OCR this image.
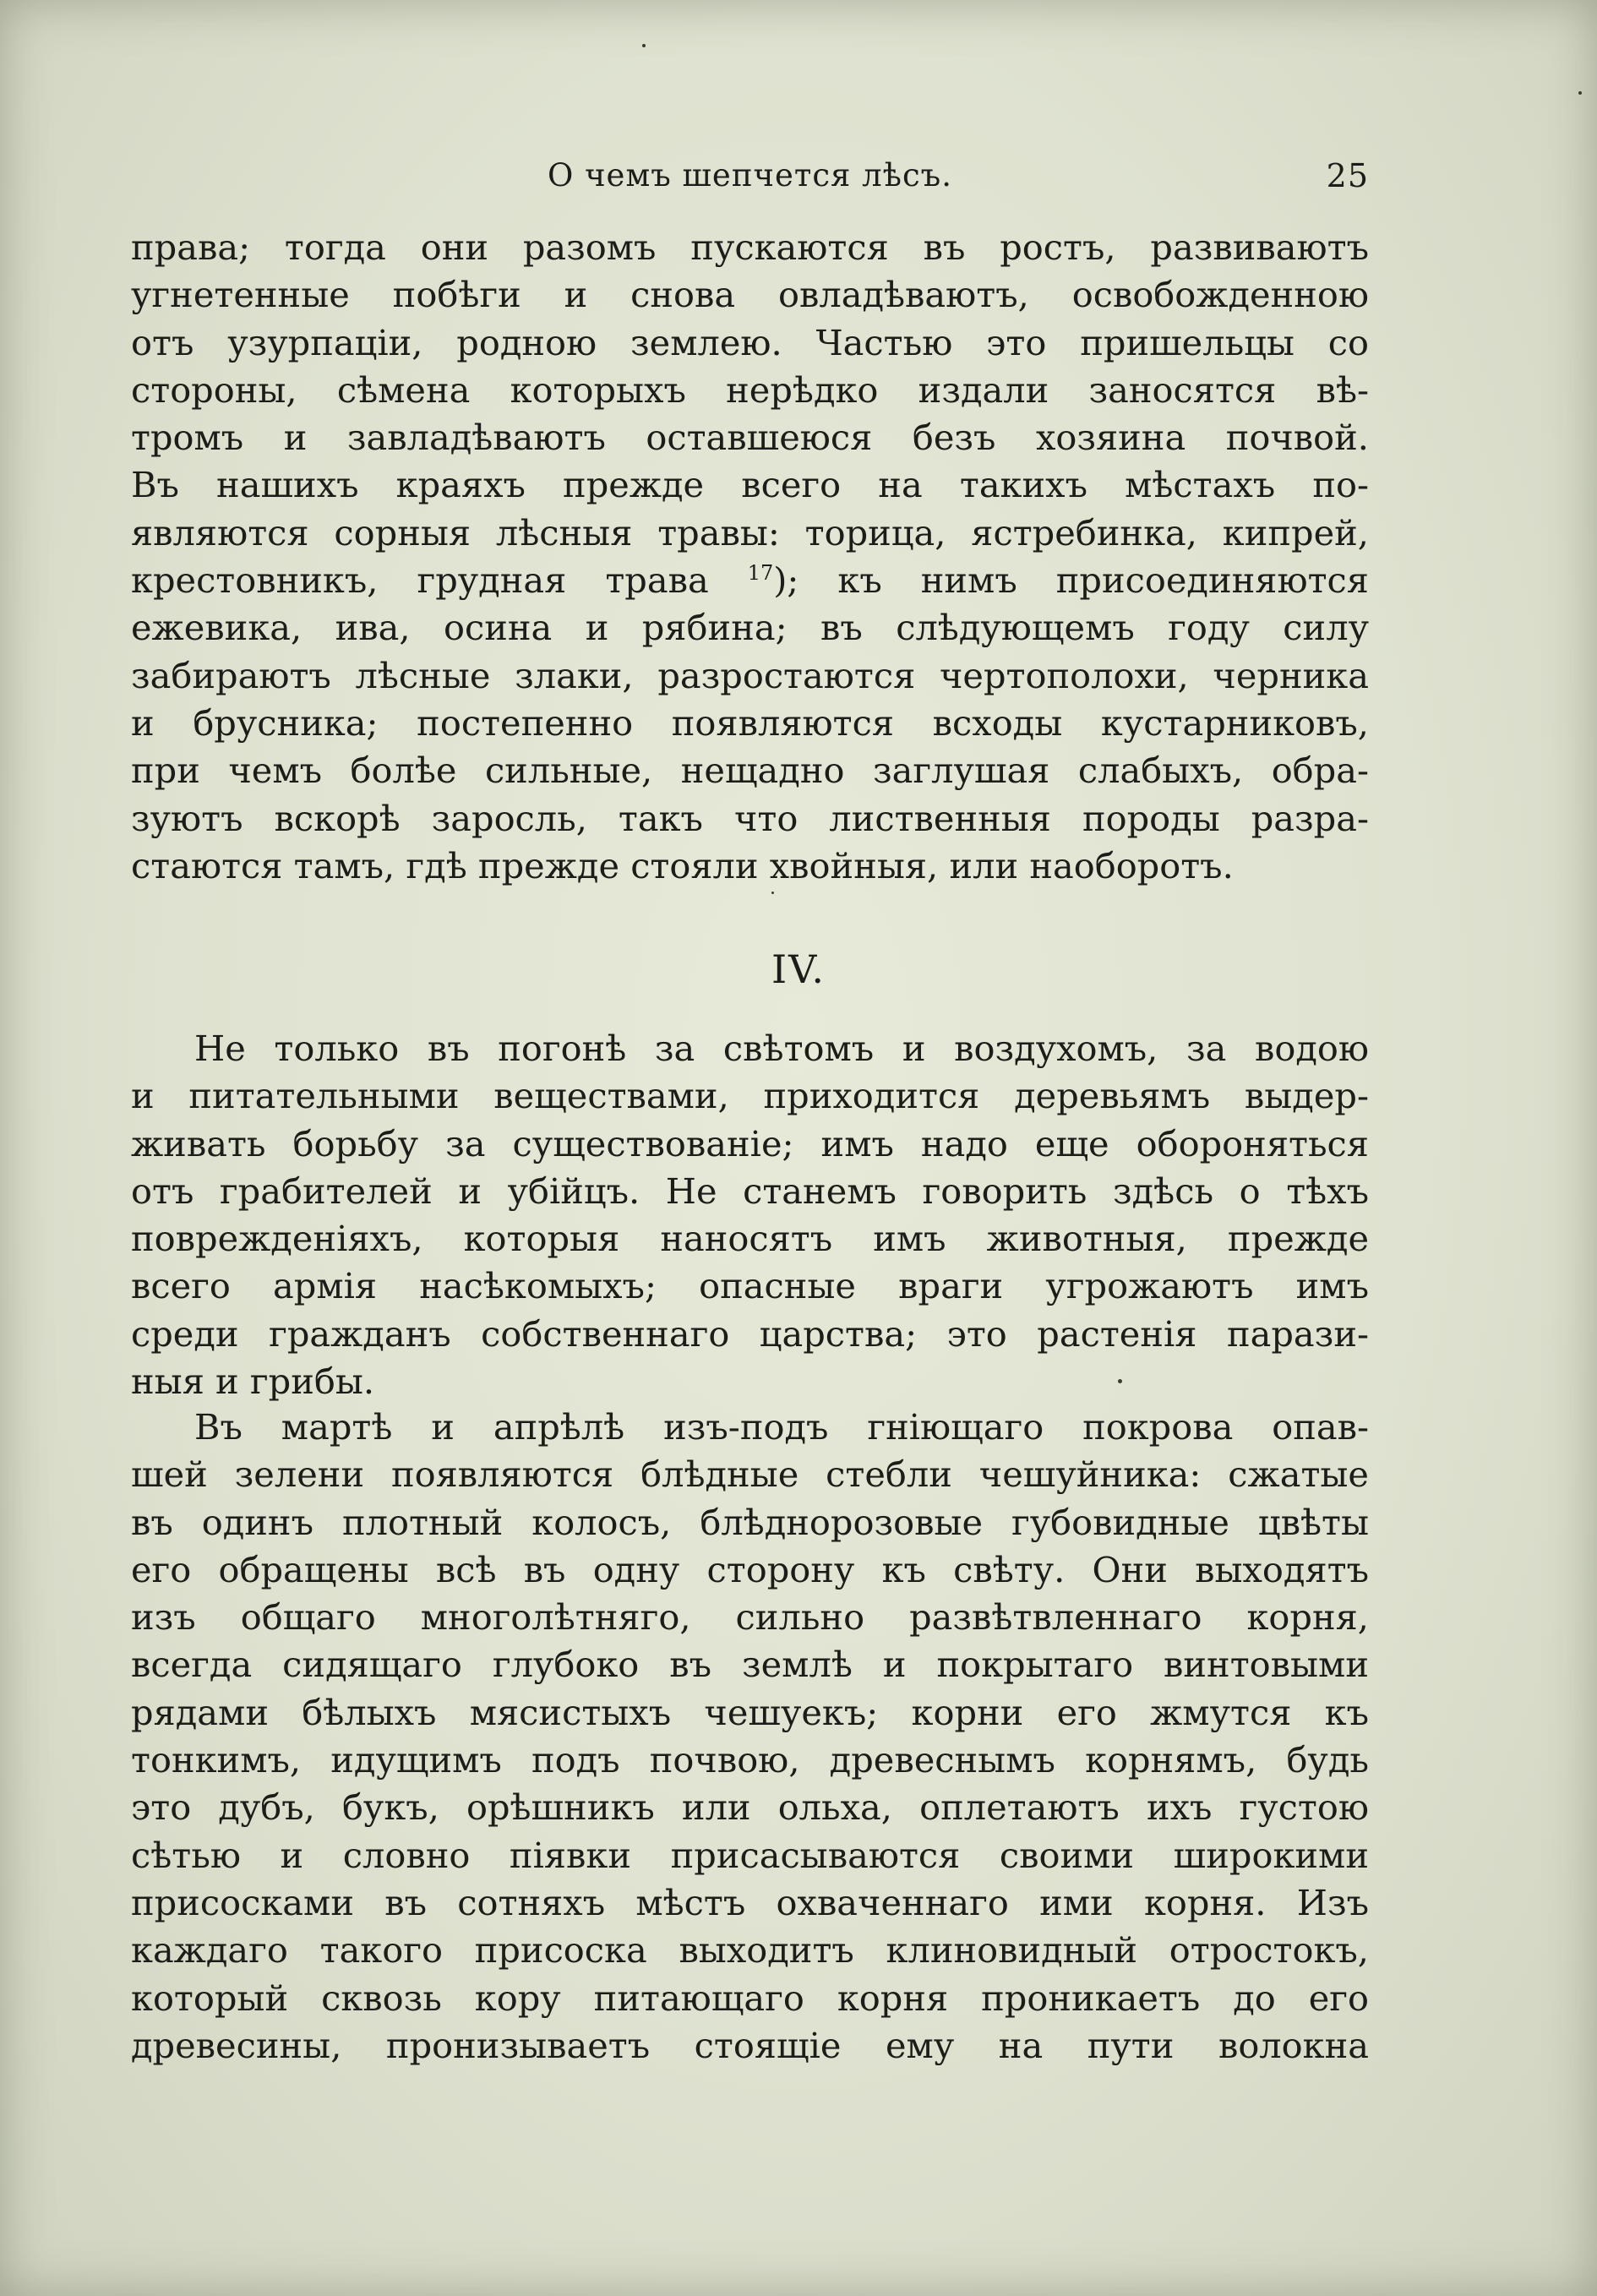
О чемъ шепчется лѣсъ.	25
права; тогда они разомъ пускаются въ ростъ, развиваютъ
угнетенные побѣги и снова овладѣваютъ, освобожденною
отъ узурпаціи, родною землею. Частью это пришельцы со
стороны, сѣмена которыхъ нерѣдко издали заносятся вѣ-
тромъ и завладѣваютъ оставшеюся безъ хозяина почвой.
Въ нашихъ краяхъ прежде всего на такихъ мѣстахъ по-
являются сорныя лѣсныя травы: торица, ястребинка, кипрей,
крестовникъ, грудная трава $^{17}$); къ нимъ присоединяются
ежевика, ива, осина и рябина; въ слѣдующемъ году силу
забираютъ лѣсные злаки, разростаются чертополохи, черника
и брусника; постепенно появляются всходы кустарниковъ,
при чемъ болѣе сильные, нещадно заглушая слабыхъ, обра-
зуютъ вскорѣ заросль, такъ что лиственныя породы разра-
стаются тамъ, гдѣ прежде стояли хвойныя, или наоборотъ.
IV.
Не только въ погонѣ за свѣтомъ и воздухомъ, за водою
и питательными веществами, приходится деревьямъ выдер-
живать борьбу за существованіе; имъ надо еще обороняться
отъ грабителей и убійцъ. Не станемъ говорить здѣсь о тѣхъ
поврежденіяхъ, которыя наносятъ имъ животныя, прежде
всего армія насѣкомыхъ; опасные враги угрожаютъ имъ
среди гражданъ собственнаго царства; это растенія парази-
ныя и грибы.
Въ мартѣ и апрѣлѣ изъ-подъ гніющаго покрова опав-
шей зелени появляются блѣдные стебли чешуйника: сжатые
въ одинъ плотный колосъ, блѣднорозовые губовидные цвѣты
его обращены всѣ въ одну сторону къ свѣту. Они выходятъ
изъ общаго многолѣтняго, сильно развѣтвленнаго корня,
всегда сидящаго глубоко въ землѣ и покрытаго винтовыми
рядами бѣлыхъ мясистыхъ чешуекъ; корни его жмутся къ
тонкимъ, идущимъ подъ почвою, древеснымъ корнямъ, будь
это дубъ, букъ, орѣшникъ или ольха, оплетаютъ ихъ густою
сѣтью и словно піявки присасываются своими широкими
присосками въ сотняхъ мѣстъ охваченнаго ими корня. Изъ
каждаго такого присоска выходитъ клиновидный отростокъ,
который сквозь кору питающаго корня проникаетъ до его
древесины, пронизываетъ стоящіе ему на пути волокна
